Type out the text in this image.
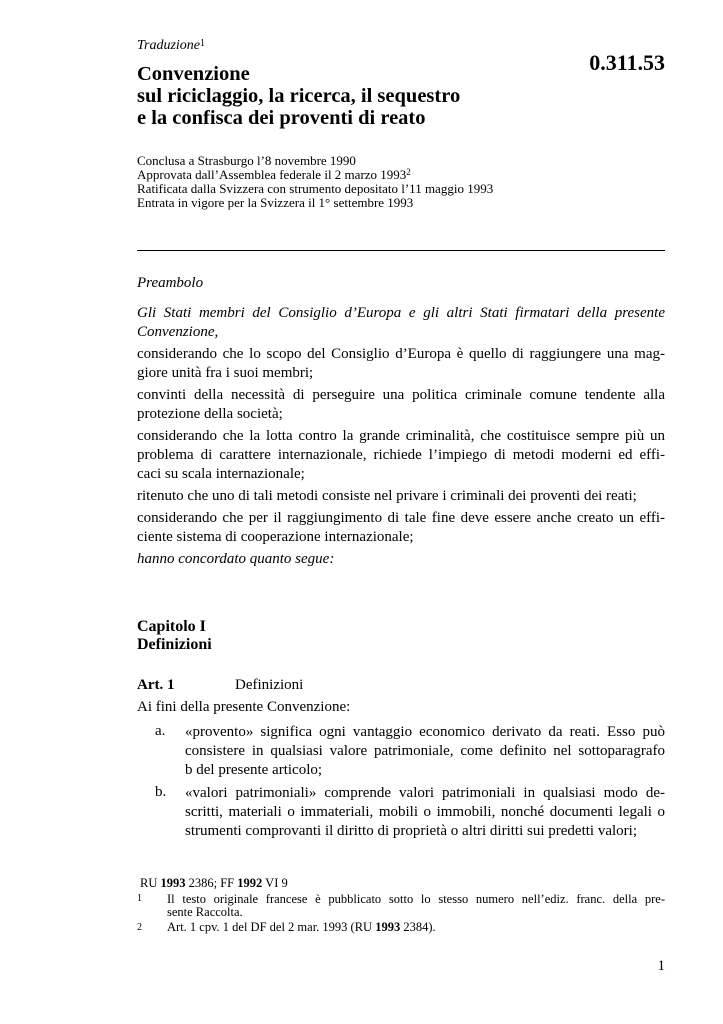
Traduzione$^1$
0.311.53
Convenzione
sul riciclaggio, la ricerca, il sequestro
e la confisca dei proventi di reato
Conclusa a Strasburgo l’8 novembre 1990
Approvata dall’Assemblea federale il 2 marzo 1993$^2$
Ratificata dalla Svizzera con strumento depositato l’11 maggio 1993
Entrata in vigore per la Svizzera il 1° settembre 1993
Preambolo
Gli Stati membri del Consiglio d’Europa e gli altri Stati firmatari della presente
Convenzione,
considerando che lo scopo del Consiglio d’Europa è quello di raggiungere una mag-
giore unità fra i suoi membri;
convinti della necessità di perseguire una politica criminale comune tendente alla
protezione della società;
considerando che la lotta contro la grande criminalità, che costituisce sempre più un
problema di carattere internazionale, richiede l’impiego di metodi moderni ed effi-
caci su scala internazionale;
ritenuto che uno di tali metodi consiste nel privare i criminali dei proventi dei reati;
considerando che per il raggiungimento di tale fine deve essere anche creato un effi-
ciente sistema di cooperazione internazionale;
hanno concordato quanto segue:
Capitolo I
Definizioni
Art. 1	Definizioni
Ai fini della presente Convenzione:
a. «provento» significa ogni vantaggio economico derivato da reati. Esso può
consistere in qualsiasi valore patrimoniale, come definito nel sottoparagrafo
b del presente articolo;
b. «valori patrimoniali» comprende valori patrimoniali in qualsiasi modo de-
scritti, materiali o immateriali, mobili o immobili, nonché documenti legali o
strumenti comprovanti il diritto di proprietà o altri diritti sui predetti valori;
RU 1993 2386; FF 1992 VI 9
1 Il testo originale francese è pubblicato sotto lo stesso numero nell’ediz. franc. della pre-
sente Raccolta.
2 Art. 1 cpv. 1 del DF del 2 mar. 1993 (RU 1993 2384).
1
